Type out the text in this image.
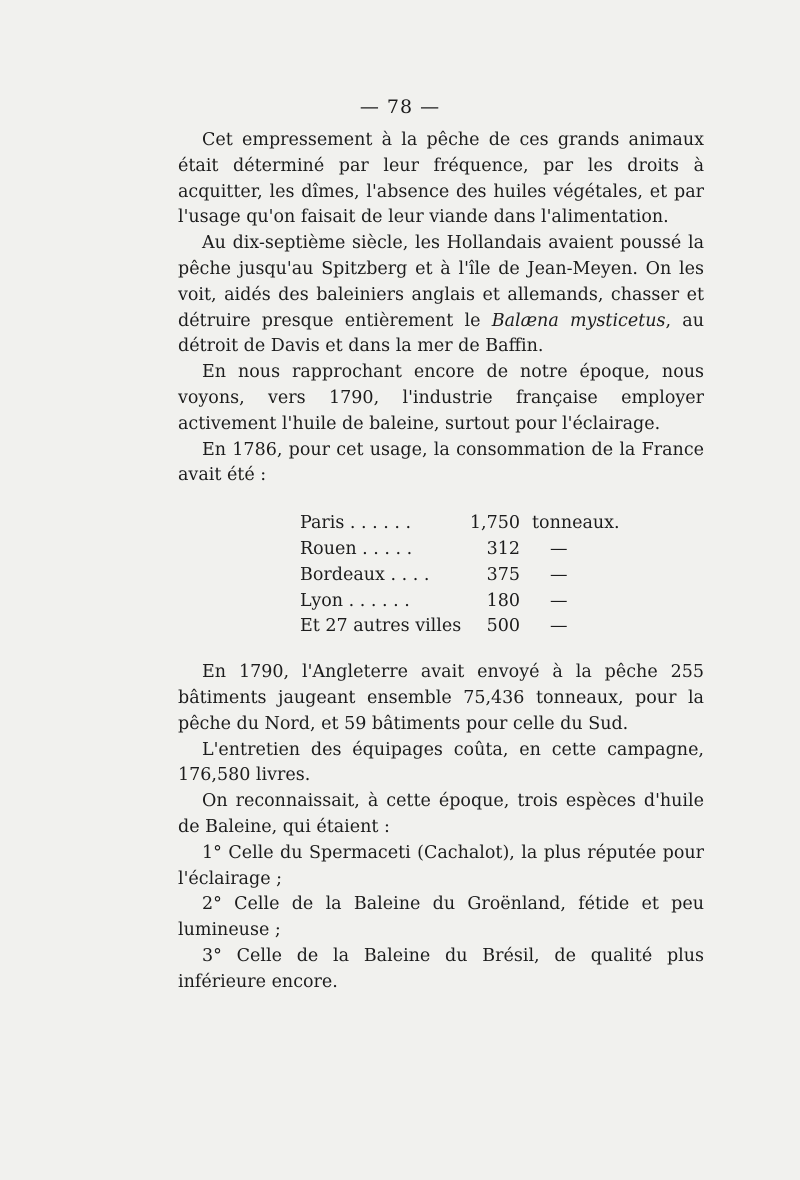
— 78 —

Cet empressement à la pêche de ces grands animaux était déterminé par leur fréquence, par les droits à acquitter, les dîmes, l'absence des huiles végétales, et par l'usage qu'on faisait de leur viande dans l'alimentation.

Au dix-septième siècle, les Hollandais avaient poussé la pêche jusqu'au Spitzberg et à l'île de Jean-Meyen. On les voit, aidés des baleiniers anglais et allemands, chasser et détruire presque entièrement le Balæna mysticetus, au détroit de Davis et dans la mer de Baffin.

En nous rapprochant encore de notre époque, nous voyons, vers 1790, l'industrie française employer activement l'huile de baleine, surtout pour l'éclairage.

En 1786, pour cet usage, la consommation de la France avait été :

Paris . . . . . .	1,750 tonneaux.
Rouen . . . . .	312	—
Bordeaux . . . .	375	—
Lyon . . . . . .	180	—
Et 27 autres villes	500	—

En 1790, l'Angleterre avait envoyé à la pêche 255 bâtiments jaugeant ensemble 75,436 tonneaux, pour la pêche du Nord, et 59 bâtiments pour celle du Sud.

L'entretien des équipages coûta, en cette campagne, 176,580 livres.

On reconnaissait, à cette époque, trois espèces d'huile de Baleine, qui étaient :

1° Celle du Spermaceti (Cachalot), la plus réputée pour l'éclairage ;

2° Celle de la Baleine du Groënland, fétide et peu lumineuse ;

3° Celle de la Baleine du Brésil, de qualité plus inférieure encore.
